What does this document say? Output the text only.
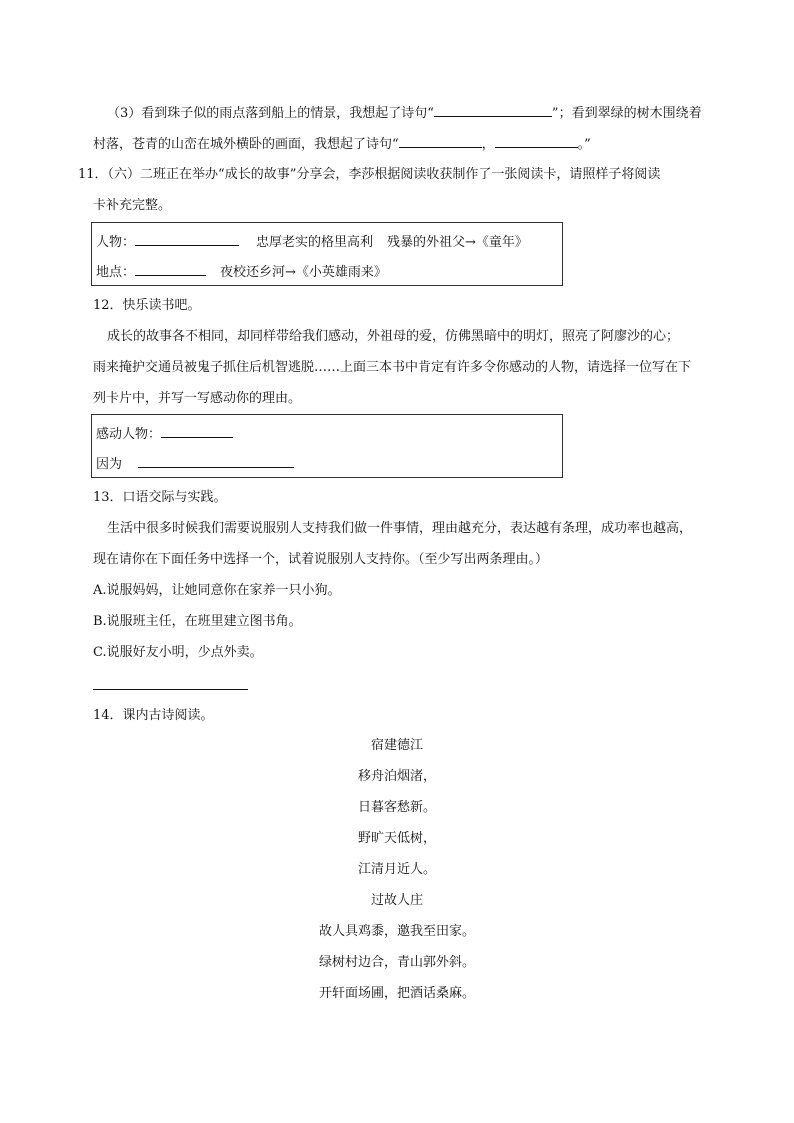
（3）看到珠子似的雨点落到船上的情景，我想起了诗句“	”；看到翠绿的树木围绕着
村落，苍青的山峦在城外横卧的画面，我想起了诗句“	，	。”
11．（六）二班正在举办“成长的故事”分享会，李莎根据阅读收获制作了一张阅读卡，请照样子将阅读
卡补充完整。
人物：	忠厚老实的格里高利 残暴的外祖父→《童年》
地点：	夜校还乡河→《小英雄雨来》
12．快乐读书吧。
成长的故事各不相同，却同样带给我们感动，外祖母的爱，仿佛黑暗中的明灯，照亮了阿廖沙的心；
雨来掩护交通员被鬼子抓住后机智逃脱……上面三本书中肯定有许多令你感动的人物，请选择一位写在下
列卡片中，并写一写感动你的理由。
感动人物：
因为
13．口语交际与实践。
生活中很多时候我们需要说服别人支持我们做一件事情，理由越充分，表达越有条理，成功率也越高，
现在请你在下面任务中选择一个，试着说服别人支持你。（至少写出两条理由。）
A.说服妈妈，让她同意你在家养一只小狗。
B.说服班主任，在班里建立图书角。
C.说服好友小明，少点外卖。
14．课内古诗阅读。
宿建德江
移舟泊烟渚，
日暮客愁新。
野旷天低树，
江清月近人。
过故人庄
故人具鸡黍，邀我至田家。
绿树村边合，青山郭外斜。
开轩面场圃，把酒话桑麻。
